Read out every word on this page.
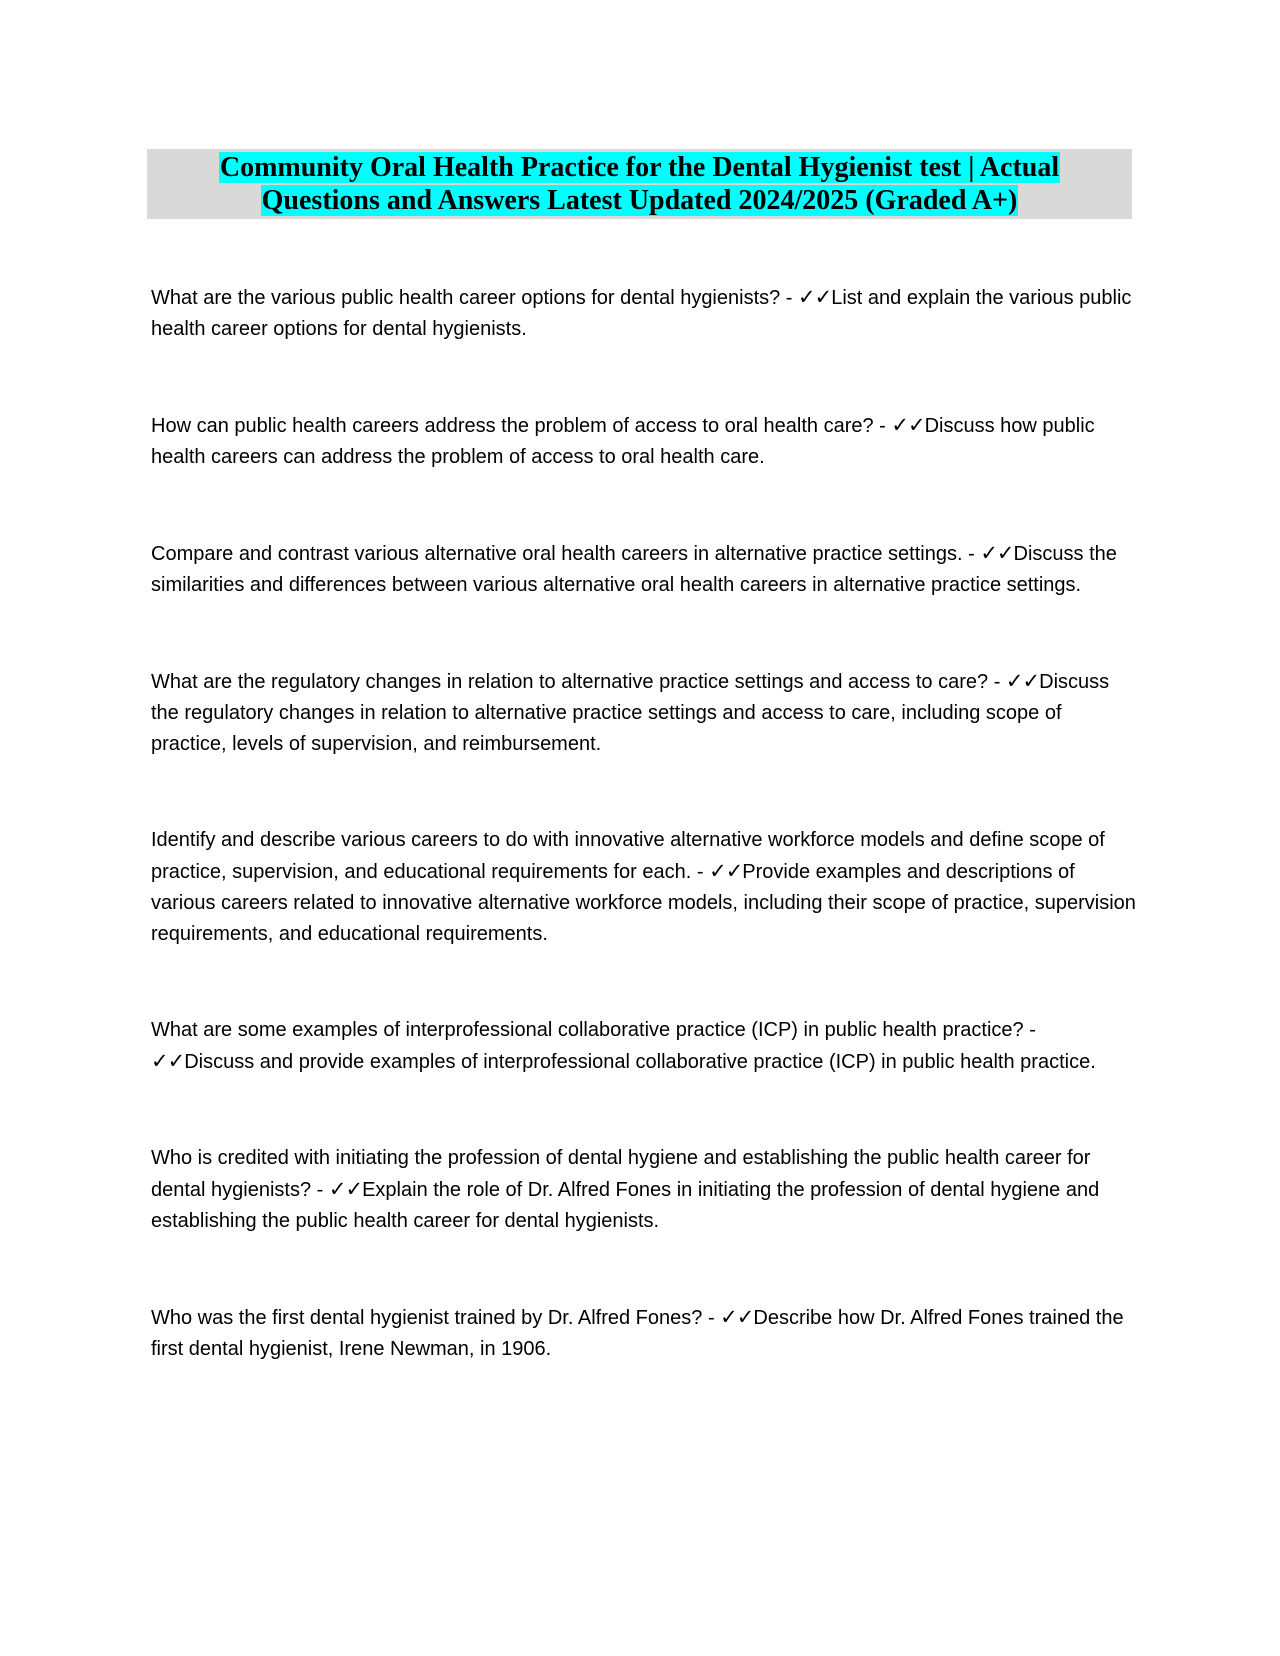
Community Oral Health Practice for the Dental Hygienist test | Actual
Questions and Answers Latest Updated 2024/2025 (Graded A+)
What are the various public health career options for dental hygienists? - ✓✓List and explain the various public health career options for dental hygienists.
How can public health careers address the problem of access to oral health care? - ✓✓Discuss how public health careers can address the problem of access to oral health care.
Compare and contrast various alternative oral health careers in alternative practice settings. - ✓✓Discuss the similarities and differences between various alternative oral health careers in alternative practice settings.
What are the regulatory changes in relation to alternative practice settings and access to care? - ✓✓Discuss the regulatory changes in relation to alternative practice settings and access to care, including scope of practice, levels of supervision, and reimbursement.
Identify and describe various careers to do with innovative alternative workforce models and define scope of practice, supervision, and educational requirements for each. - ✓✓Provide examples and descriptions of various careers related to innovative alternative workforce models, including their scope of practice, supervision requirements, and educational requirements.
What are some examples of interprofessional collaborative practice (ICP) in public health practice? - ✓✓Discuss and provide examples of interprofessional collaborative practice (ICP) in public health practice.
Who is credited with initiating the profession of dental hygiene and establishing the public health career for dental hygienists? - ✓✓Explain the role of Dr. Alfred Fones in initiating the profession of dental hygiene and establishing the public health career for dental hygienists.
Who was the first dental hygienist trained by Dr. Alfred Fones? - ✓✓Describe how Dr. Alfred Fones trained the first dental hygienist, Irene Newman, in 1906.
